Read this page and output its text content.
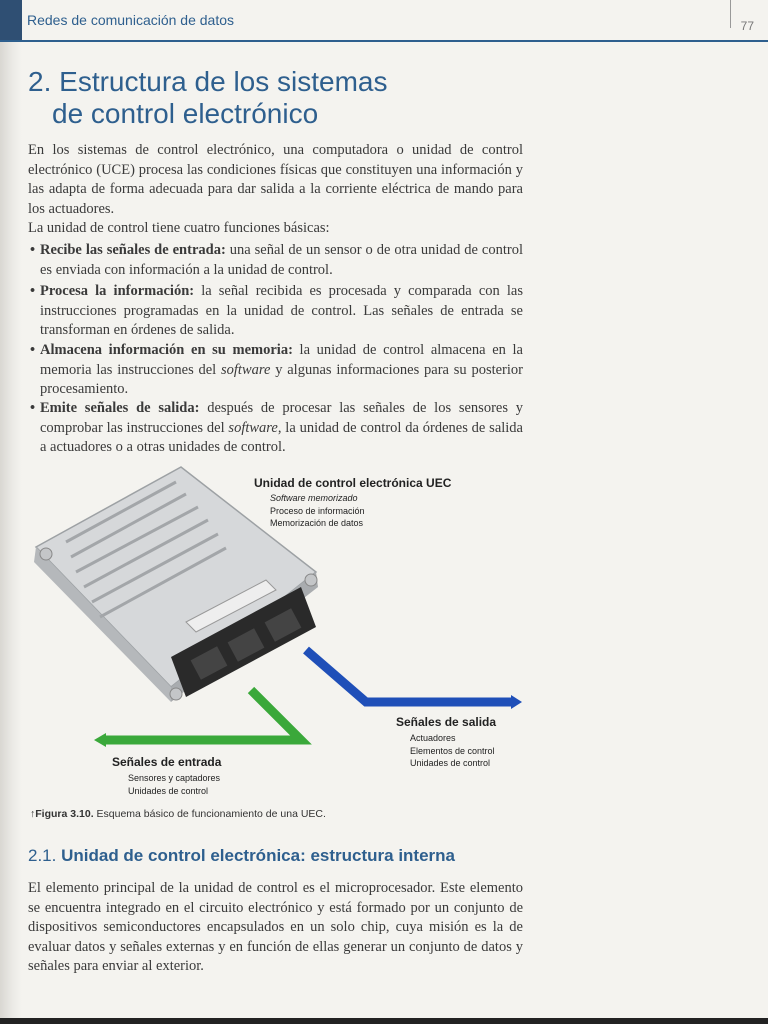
Redes de comunicación de datos	77
2. Estructura de los sistemas
de control electrónico
En los sistemas de control electrónico, una computadora o unidad de control electrónico (UCE) procesa las condiciones físicas que constituyen una información y las adapta de forma adecuada para dar salida a la corriente eléctrica de mando para los actuadores.
La unidad de control tiene cuatro funciones básicas:
• Recibe las señales de entrada: una señal de un sensor o de otra unidad de control es enviada con información a la unidad de control.
• Procesa la información: la señal recibida es procesada y comparada con las instrucciones programadas en la unidad de control. Las señales de entrada se transforman en órdenes de salida.
• Almacena información en su memoria: la unidad de control almacena en la memoria las instrucciones del software y algunas informaciones para su posterior procesamiento.
• Emite señales de salida: después de procesar las señales de los sensores y comprobar las instrucciones del software, la unidad de control da órdenes de salida a actuadores o a otras unidades de control.
Unidad de control electrónica UEC
Software memorizado
Proceso de información
Memorización de datos
Señales de salida
Actuadores
Elementos de control
Unidades de control
Señales de entrada
Sensores y captadores
Unidades de control
↑Figura 3.10. Esquema básico de funcionamiento de una UEC.
2.1. Unidad de control electrónica: estructura interna
El elemento principal de la unidad de control es el microprocesador. Este elemento se encuentra integrado en el circuito electrónico y está formado por un conjunto de dispositivos semiconductores encapsulados en un solo chip, cuya misión es la de evaluar datos y señales externas y en función de ellas generar un conjunto de datos y señales para enviar al exterior.
